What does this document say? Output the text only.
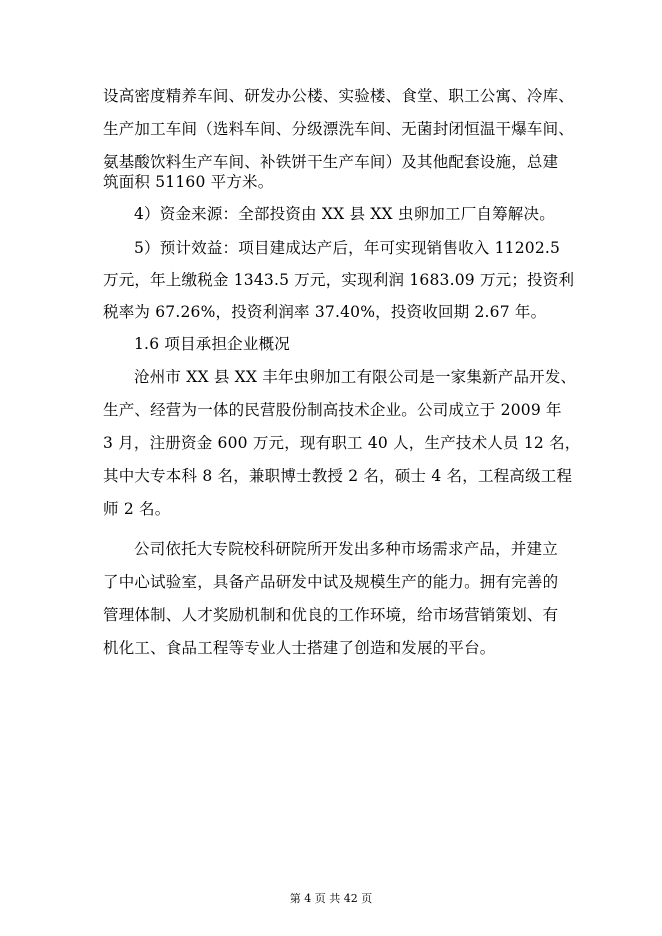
设高密度精养车间、研发办公楼、实验楼、食堂、职工公寓、冷库、
生产加工车间（选料车间、分级漂洗车间、无菌封闭恒温干爆车间、
氨基酸饮料生产车间、补铁饼干生产车间）及其他配套设施，总建
筑面积 51160 平方米。
4）资金来源：全部投资由 XX 县 XX 虫卵加工厂自筹解决。
5）预计效益：项目建成达产后，年可实现销售收入 11202.5
万元，年上缴税金 1343.5 万元，实现利润 1683.09 万元；投资利
税率为 67.26%，投资利润率 37.40%，投资收回期 2.67 年。
1.6 项目承担企业概况
沧州市 XX 县 XX 丰年虫卵加工有限公司是一家集新产品开发、
生产、经营为一体的民营股份制高技术企业。公司成立于 2009 年
3 月，注册资金 600 万元，现有职工 40 人，生产技术人员 12 名，
其中大专本科 8 名，兼职博士教授 2 名，硕士 4 名，工程高级工程
师 2 名。
公司依托大专院校科研院所开发出多种市场需求产品，并建立
了中心试验室，具备产品研发中试及规模生产的能力。拥有完善的
管理体制、人才奖励机制和优良的工作环境，给市场营销策划、有
机化工、食品工程等专业人士搭建了创造和发展的平台。
第 4 页 共 42 页
